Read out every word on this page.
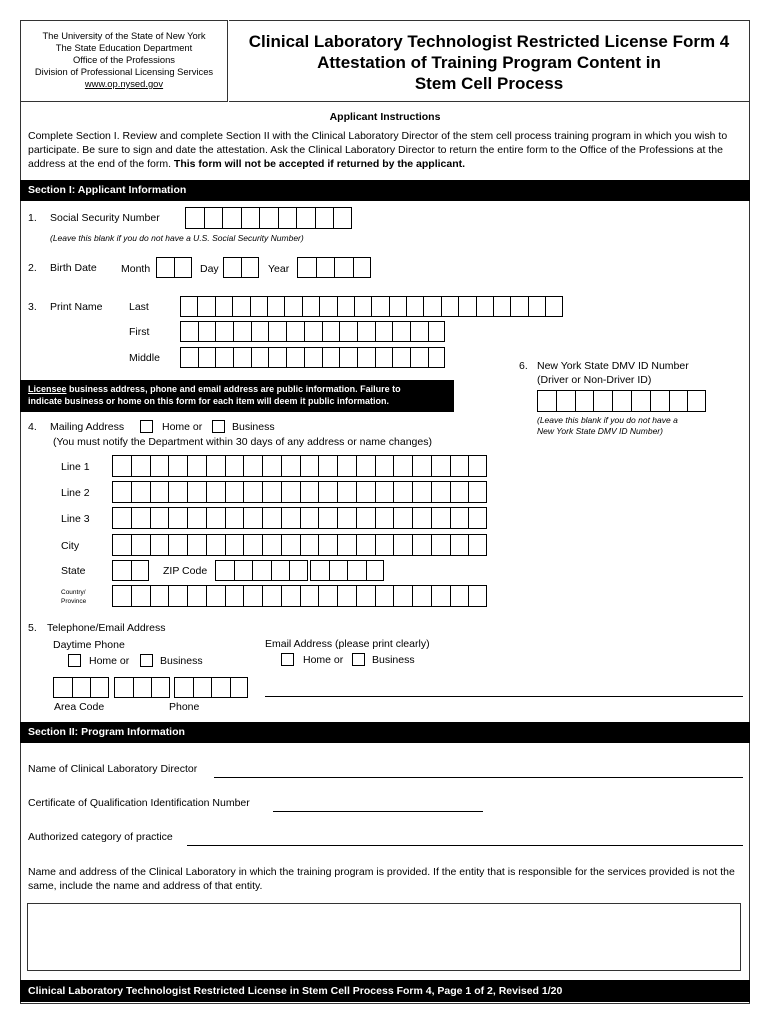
The University of the State of New York
The State Education Department
Office of the Professions
Division of Professional Licensing Services
www.op.nysed.gov
Clinical Laboratory Technologist Restricted License Form 4
Attestation of Training Program Content in
Stem Cell Process
Applicant Instructions
Complete Section I. Review and complete Section II with the Clinical Laboratory Director of the stem cell process training program in which you wish to participate. Be sure to sign and date the attestation. Ask the Clinical Laboratory Director to return the entire form to the Office of the Professions at the address at the end of the form. This form will not be accepted if returned by the applicant.
Section I: Applicant Information
1. Social Security Number
(Leave this blank if you do not have a U.S. Social Security Number)
2. Birth Date Month	Day	Year
3. Print Name	Last
First
Middle
6. New York State DMV ID Number
(Driver or Non-Driver ID)
(Leave this blank if you do not have a
New York State DMV ID Number)
Licensee business address, phone and email address are public information. Failure to
indicate business or home on this form for each item will deem it public information.
4. Mailing Address	Home or	Business
(You must notify the Department within 30 days of any address or name changes)
Line 1
Line 2
Line 3
City
State	ZIP Code
Country/
Province
5. Telephone/Email Address
Daytime Phone
Home or	Business
Email Address (please print clearly)
Home or	Business
Area Code	Phone
Section II: Program Information
Name of Clinical Laboratory Director
Certificate of Qualification Identification Number
Authorized category of practice
Name and address of the Clinical Laboratory in which the training program is provided. If the entity that is responsible for the services provided is not the same, include the name and address of that entity.
Clinical Laboratory Technologist Restricted License in Stem Cell Process Form 4, Page 1 of 2, Revised 1/20
